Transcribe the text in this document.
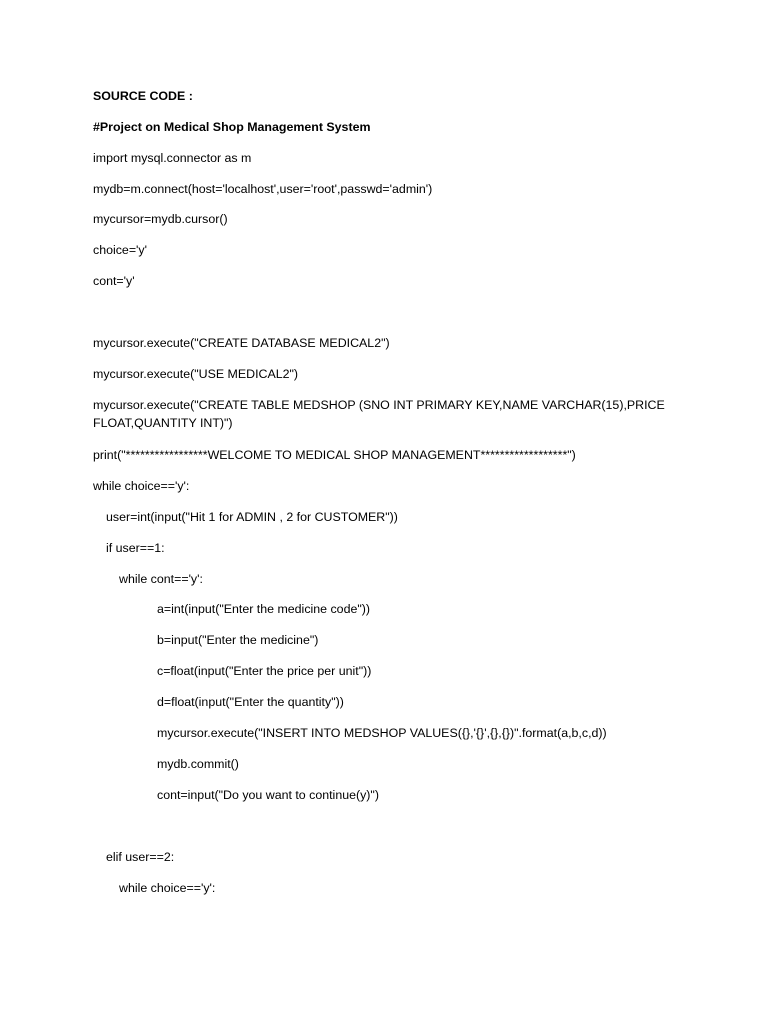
SOURCE CODE :
#Project on Medical Shop Management System
import mysql.connector as m
mydb=m.connect(host='localhost',user='root',passwd='admin')
mycursor=mydb.cursor()
choice='y'
cont='y'
mycursor.execute("CREATE DATABASE MEDICAL2")
mycursor.execute("USE MEDICAL2")
mycursor.execute("CREATE TABLE MEDSHOP (SNO INT PRIMARY KEY,NAME VARCHAR(15),PRICE FLOAT,QUANTITY INT)")
print("*****************WELCOME TO MEDICAL SHOP MANAGEMENT******************")
while choice=='y':
user=int(input("Hit 1 for ADMIN , 2 for CUSTOMER"))
if user==1:
while cont=='y':
a=int(input("Enter the medicine code"))
b=input("Enter the medicine")
c=float(input("Enter the price per unit"))
d=float(input("Enter the quantity"))
mycursor.execute("INSERT INTO MEDSHOP VALUES({},'{}',{},{})".format(a,b,c,d))
mydb.commit()
cont=input("Do you want to continue(y)")
elif user==2:
while choice=='y':
